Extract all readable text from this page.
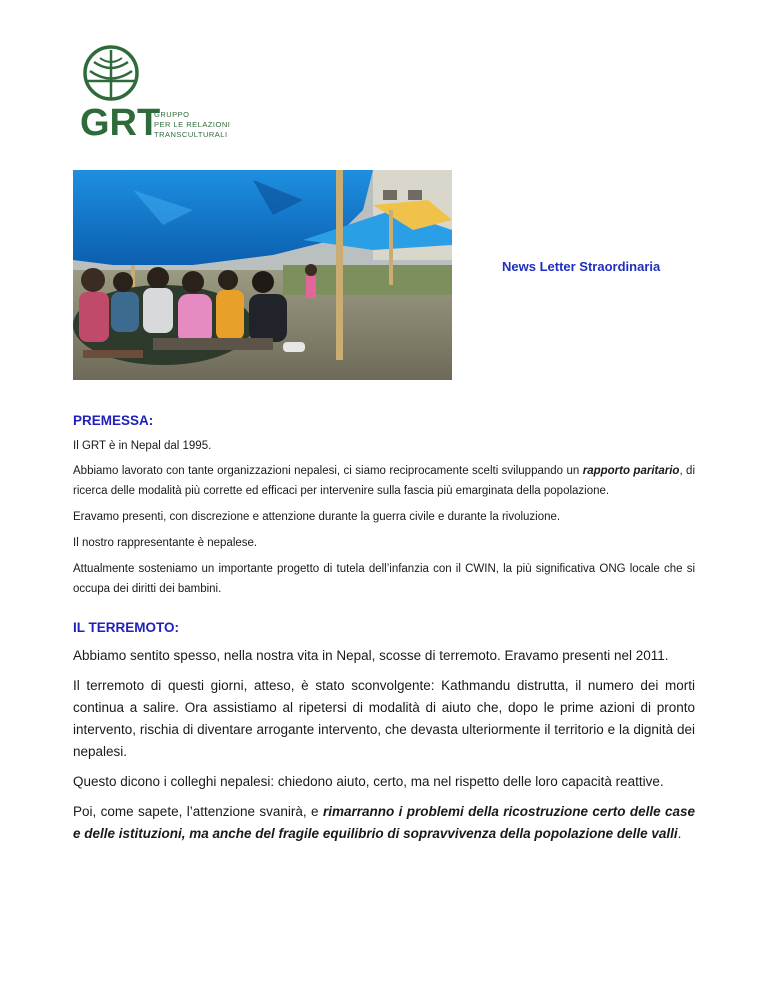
GRT
GRUPPO
PER LE RELAZIONI
TRANSCULTURALI
News Letter Straordinaria
PREMESSA:

Il GRT è in Nepal dal 1995.

Abbiamo lavorato con tante organizzazioni nepalesi, ci siamo reciprocamente scelti sviluppando un rapporto paritario, di ricerca delle modalità più corrette ed efficaci per intervenire sulla fascia più emarginata della popolazione.

Eravamo presenti, con discrezione e attenzione durante la guerra civile e durante la rivoluzione.

Il nostro rappresentante è nepalese.

Attualmente sosteniamo un importante progetto di tutela dell’infanzia con il CWIN, la più significativa ONG locale che si occupa dei diritti dei bambini.

IL TERREMOTO:

Abbiamo sentito spesso, nella nostra vita in Nepal, scosse di terremoto. Eravamo presenti nel 2011.

Il terremoto di questi giorni, atteso, è stato sconvolgente: Kathmandu distrutta, il numero dei morti continua a salire. Ora assistiamo al ripetersi di modalità di aiuto che, dopo le prime azioni di pronto intervento, rischia di diventare arrogante intervento, che devasta ulteriormente il territorio e la dignità dei nepalesi.

Questo dicono i colleghi nepalesi: chiedono aiuto, certo, ma nel rispetto delle loro capacità reattive.

Poi, come sapete, l’attenzione svanirà, e rimarranno i problemi della ricostruzione certo delle case e delle istituzioni, ma anche del fragile equilibrio di sopravvivenza della popolazione delle valli.
